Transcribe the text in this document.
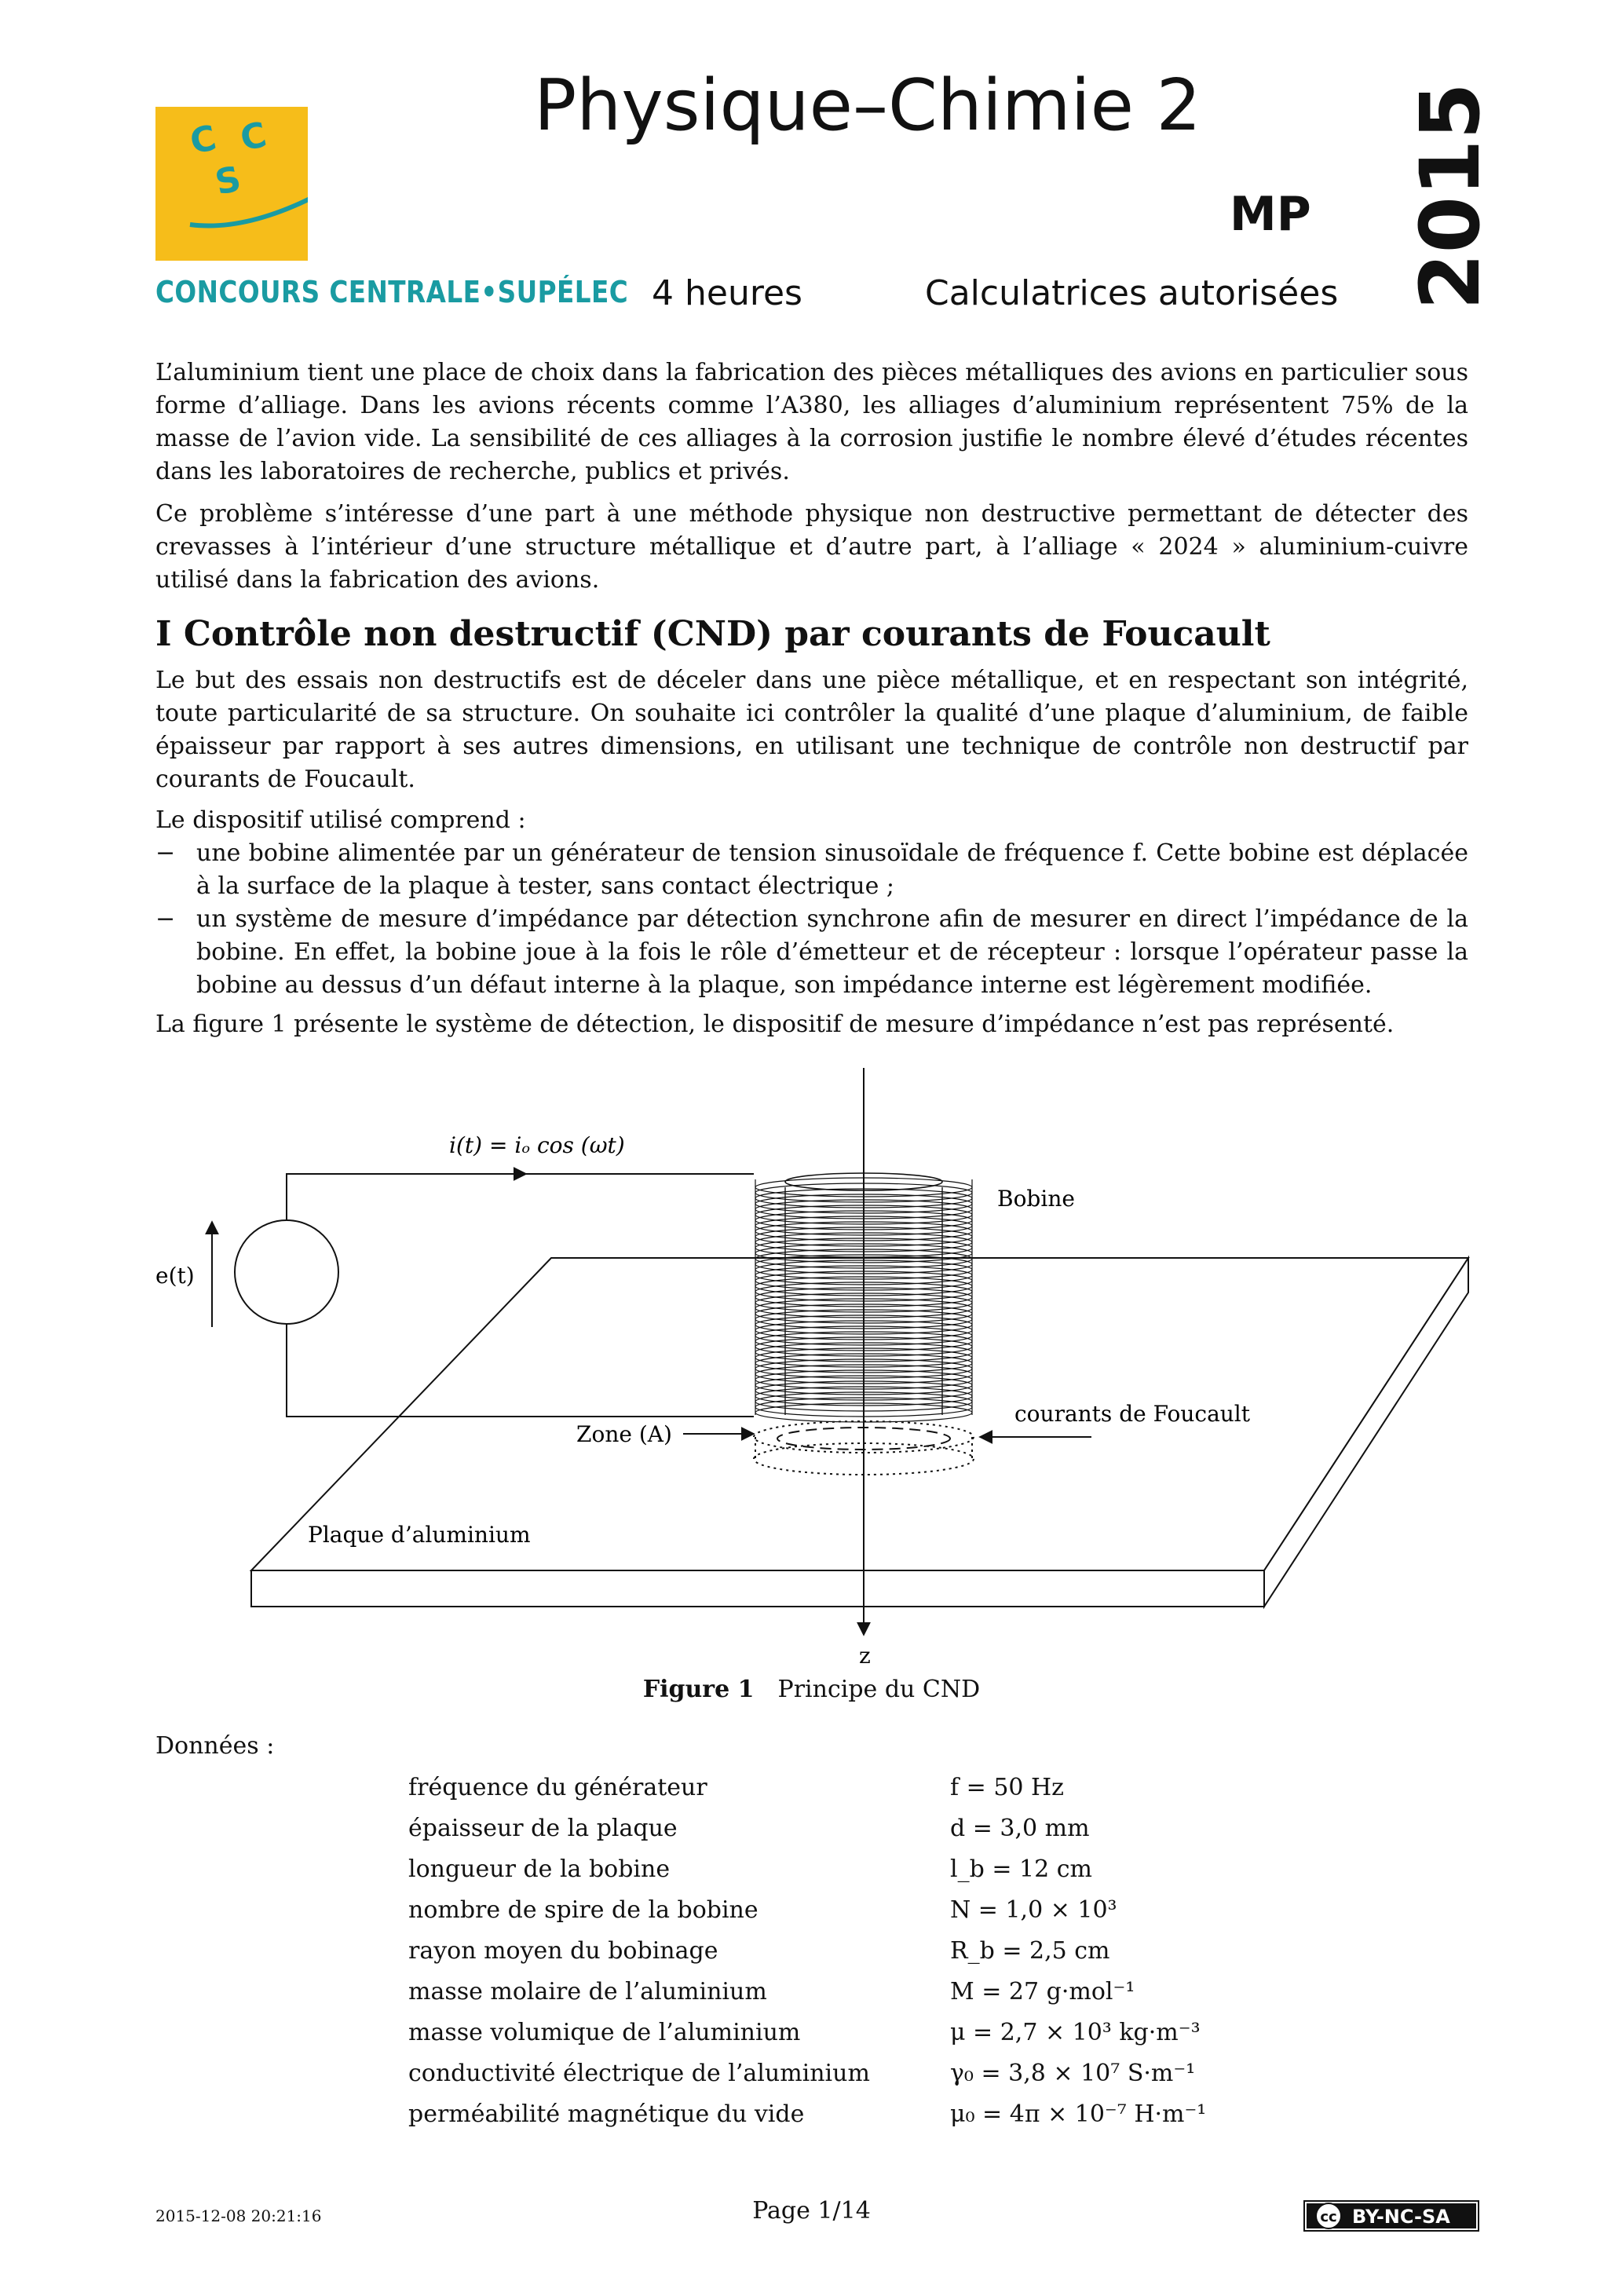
C C
S
CONCOURS CENTRALE•SUPÉLEC
Physique–Chimie 2
MP 2015
4 heures	Calculatrices autorisées
L’aluminium tient une place de choix dans la fabrication des pièces métalliques des avions en particulier sous forme d’alliage. Dans les avions récents comme l’A380, les alliages d’aluminium représentent 75% de la masse de l’avion vide. La sensibilité de ces alliages à la corrosion justifie le nombre élevé d’études récentes dans les laboratoires de recherche, publics et privés.
Ce problème s’intéresse d’une part à une méthode physique non destructive permettant de détecter des crevasses à l’intérieur d’une structure métallique et d’autre part, à l’alliage « 2024 » aluminium-cuivre utilisé dans la fabrication des avions.
I Contrôle non destructif (CND) par courants de Foucault
Le but des essais non destructifs est de déceler dans une pièce métallique, et en respectant son intégrité, toute particularité de sa structure. On souhaite ici contrôler la qualité d’une plaque d’aluminium, de faible épaisseur par rapport à ses autres dimensions, en utilisant une technique de contrôle non destructif par courants de Foucault.
Le dispositif utilisé comprend :
− une bobine alimentée par un générateur de tension sinusoïdale de fréquence f. Cette bobine est déplacée à la surface de la plaque à tester, sans contact électrique ;
− un système de mesure d’impédance par détection synchrone afin de mesurer en direct l’impédance de la bobine. En effet, la bobine joue à la fois le rôle d’émetteur et de récepteur : lorsque l’opérateur passe la bobine au dessus d’un défaut interne à la plaque, son impédance interne est légèrement modifiée.
La figure 1 présente le système de détection, le dispositif de mesure d’impédance n’est pas représenté.
z
i(t) = iₒ cos (ωt)
e(t)
Bobine
Zone (A)
courants de Foucault
Plaque d’aluminium
Figure 1 Principe du CND
Données :
fréquence du générateur	f = 50 Hz
épaisseur de la plaque	d = 3,0 mm
longueur de la bobine	l_b = 12 cm
nombre de spire de la bobine	N = 1,0 × 10³
rayon moyen du bobinage	R_b = 2,5 cm
masse molaire de l’aluminium	M = 27 g·mol⁻¹
masse volumique de l’aluminium	μ = 2,7 × 10³ kg·m⁻³
conductivité électrique de l’aluminium	γ₀ = 3,8 × 10⁷ S·m⁻¹
perméabilité magnétique du vide	μ₀ = 4π × 10⁻⁷ H·m⁻¹
2015-12-08 20:21:16	Page 1/14	cc BY-NC-SA
